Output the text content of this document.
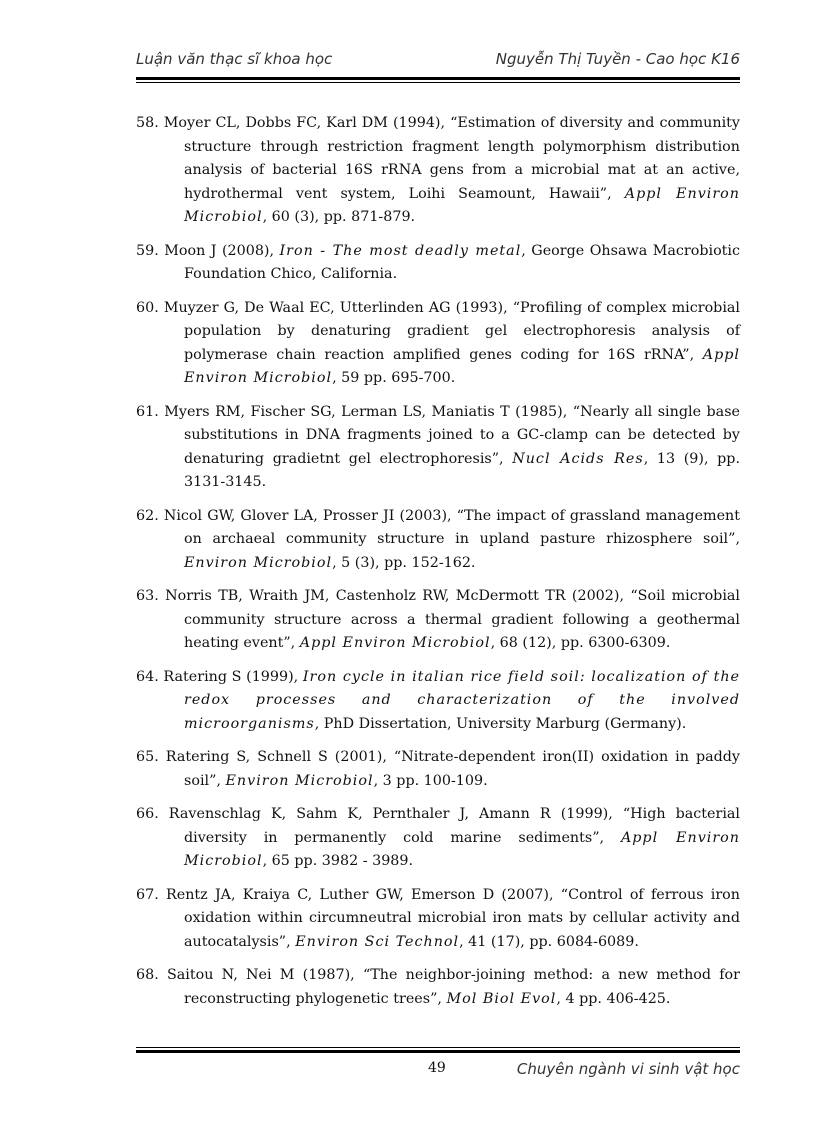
Luận văn thạc sĩ khoa học	Nguyễn Thị Tuyền - Cao học K16
58. Moyer CL, Dobbs FC, Karl DM (1994), “Estimation of diversity and community structure through restriction fragment length polymorphism distribution analysis of bacterial 16S rRNA gens from a microbial mat at an active, hydrothermal vent system, Loihi Seamount, Hawaii”, Appl Environ Microbiol, 60 (3), pp. 871-879.
59. Moon J (2008), Iron - The most deadly metal, George Ohsawa Macrobiotic Foundation Chico, California.
60. Muyzer G, De Waal EC, Utterlinden AG (1993), “Profiling of complex microbial population by denaturing gradient gel electrophoresis analysis of polymerase chain reaction amplified genes coding for 16S rRNA”, Appl Environ Microbiol, 59 pp. 695-700.
61. Myers RM, Fischer SG, Lerman LS, Maniatis T (1985), “Nearly all single base substitutions in DNA fragments joined to a GC-clamp can be detected by denaturing gradietnt gel electrophoresis”, Nucl Acids Res, 13 (9), pp. 3131-3145.
62. Nicol GW, Glover LA, Prosser JI (2003), “The impact of grassland management on archaeal community structure in upland pasture rhizosphere soil”, Environ Microbiol, 5 (3), pp. 152-162.
63. Norris TB, Wraith JM, Castenholz RW, McDermott TR (2002), “Soil microbial community structure across a thermal gradient following a geothermal heating event”, Appl Environ Microbiol, 68 (12), pp. 6300-6309.
64. Ratering S (1999), Iron cycle in italian rice field soil: localization of the redox processes and characterization of the involved microorganisms, PhD Dissertation, University Marburg (Germany).
65. Ratering S, Schnell S (2001), “Nitrate-dependent iron(II) oxidation in paddy soil”, Environ Microbiol, 3 pp. 100-109.
66. Ravenschlag K, Sahm K, Pernthaler J, Amann R (1999), “High bacterial diversity in permanently cold marine sediments”, Appl Environ Microbiol, 65 pp. 3982 - 3989.
67. Rentz JA, Kraiya C, Luther GW, Emerson D (2007), “Control of ferrous iron oxidation within circumneutral microbial iron mats by cellular activity and autocatalysis”, Environ Sci Technol, 41 (17), pp. 6084-6089.
68. Saitou N, Nei M (1987), “The neighbor-joining method: a new method for reconstructing phylogenetic trees”, Mol Biol Evol, 4 pp. 406-425.
49	Chuyên ngành vi sinh vật học
